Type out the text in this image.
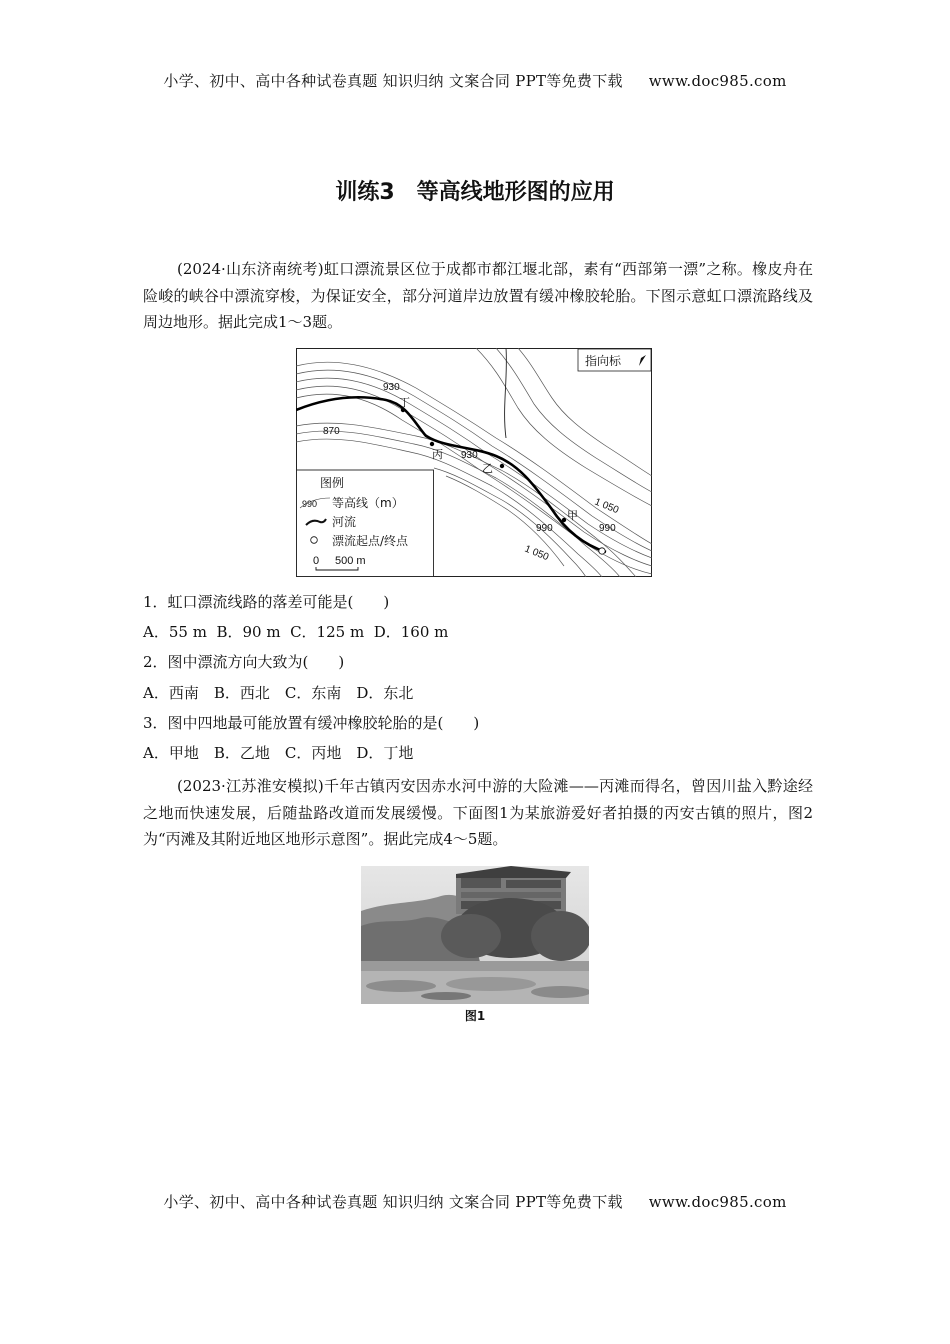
小学、初中、高中各种试卷真题 知识归纳 文案合同 PPT等免费下载 www.doc985.com
训练3　等高线地形图的应用

(2024·山东济南统考)虹口漂流景区位于成都市都江堰北部，素有“西部第一漂”之称。橡皮舟在险峻的峡谷中漂流穿梭，为保证安全，部分河道岸边放置有缓冲橡胶轮胎。下图示意虹口漂流路线及周边地形。据此完成1～3题。

930
870
930
1 050
990	990
1 050
丁
丙
乙
甲
指向标
图例
等高线（m）
河流
漂流起点/终点
990
0 500 m
1．虹口漂流线路的落差可能是(　　)
A．55 m  B．90 m  C．125 m  D．160 m
2．图中漂流方向大致为(　　)
A．西南　B．西北　C．东南　D．东北
3．图中四地最可能放置有缓冲橡胶轮胎的是(　　)
A．甲地　B．乙地　C．丙地　D．丁地

(2023·江苏淮安模拟)千年古镇丙安因赤水河中游的大险滩——丙滩而得名，曾因川盐入黔途经之地而快速发展，后随盐路改道而发展缓慢。下面图1为某旅游爱好者拍摄的丙安古镇的照片，图2为“丙滩及其附近地区地形示意图”。据此完成4～5题。

图1
小学、初中、高中各种试卷真题 知识归纳 文案合同 PPT等免费下载 www.doc985.com
